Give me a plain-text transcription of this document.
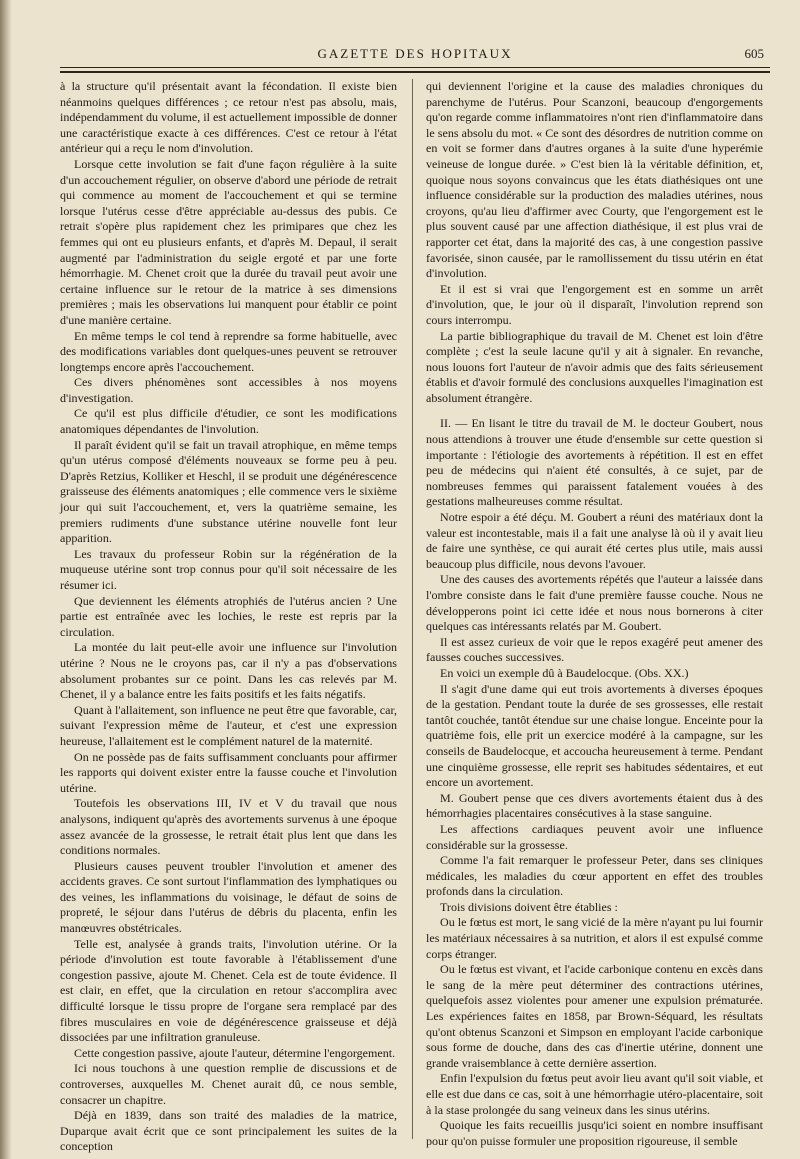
GAZETTE DES HOPITAUX	605

à la structure qu'il présentait avant la fécondation. Il existe bien néanmoins quelques différences ; ce retour n'est pas absolu, mais, indépendamment du volume, il est actuellement impossible de donner une caractéristique exacte à ces différences. C'est ce retour à l'état antérieur qui a reçu le nom d'involution.

Lorsque cette involution se fait d'une façon régulière à la suite d'un accouchement régulier, on observe d'abord une période de retrait qui commence au moment de l'accouchement et qui se termine lorsque l'utérus cesse d'être appréciable au-dessus des pubis. Ce retrait s'opère plus rapidement chez les primipares que chez les femmes qui ont eu plusieurs enfants, et d'après M. Depaul, il serait augmenté par l'administration du seigle ergoté et par une forte hémorrhagie. M. Chenet croit que la durée du travail peut avoir une certaine influence sur le retour de la matrice à ses dimensions premières ; mais les observations lui manquent pour établir ce point d'une manière certaine.

En même temps le col tend à reprendre sa forme habituelle, avec des modifications variables dont quelques-unes peuvent se retrouver longtemps encore après l'accouchement.

Ces divers phénomènes sont accessibles à nos moyens d'investigation.

Ce qu'il est plus difficile d'étudier, ce sont les modifications anatomiques dépendantes de l'involution.

Il paraît évident qu'il se fait un travail atrophique, en même temps qu'un utérus composé d'éléments nouveaux se forme peu à peu. D'après Retzius, Kolliker et Heschl, il se produit une dégénérescence graisseuse des éléments anatomiques ; elle commence vers le sixième jour qui suit l'accouchement, et, vers la quatrième semaine, les premiers rudiments d'une substance utérine nouvelle font leur apparition.

Les travaux du professeur Robin sur la régénération de la muqueuse utérine sont trop connus pour qu'il soit nécessaire de les résumer ici.

Que deviennent les éléments atrophiés de l'utérus ancien ? Une partie est entraînée avec les lochies, le reste est repris par la circulation.

La montée du lait peut-elle avoir une influence sur l'involution utérine ? Nous ne le croyons pas, car il n'y a pas d'observations absolument probantes sur ce point. Dans les cas relevés par M. Chenet, il y a balance entre les faits positifs et les faits négatifs.

Quant à l'allaitement, son influence ne peut être que favorable, car, suivant l'expression même de l'auteur, et c'est une expression heureuse, l'allaitement est le complément naturel de la maternité.

On ne possède pas de faits suffisamment concluants pour affirmer les rapports qui doivent exister entre la fausse couche et l'involution utérine.

Toutefois les observations III, IV et V du travail que nous analysons, indiquent qu'après des avortements survenus à une époque assez avancée de la grossesse, le retrait était plus lent que dans les conditions normales.

Plusieurs causes peuvent troubler l'involution et amener des accidents graves. Ce sont surtout l'inflammation des lymphatiques ou des veines, les inflammations du voisinage, le défaut de soins de propreté, le séjour dans l'utérus de débris du placenta, enfin les manœuvres obstétricales.

Telle est, analysée à grands traits, l'involution utérine. Or la période d'involution est toute favorable à l'établissement d'une congestion passive, ajoute M. Chenet. Cela est de toute évidence. Il est clair, en effet, que la circulation en retour s'accomplira avec difficulté lorsque le tissu propre de l'organe sera remplacé par des fibres musculaires en voie de dégénérescence graisseuse et déjà dissociées par une infiltration granuleuse.

Cette congestion passive, ajoute l'auteur, détermine l'engorgement.

Ici nous touchons à une question remplie de discussions et de controverses, auxquelles M. Chenet aurait dû, ce nous semble, consacrer un chapitre.

Déjà en 1839, dans son traité des maladies de la matrice, Duparque avait écrit que ce sont principalement les suites de la conception

qui deviennent l'origine et la cause des maladies chroniques du parenchyme de l'utérus. Pour Scanzoni, beaucoup d'engorgements qu'on regarde comme inflammatoires n'ont rien d'inflammatoire dans le sens absolu du mot. « Ce sont des désordres de nutrition comme on en voit se former dans d'autres organes à la suite d'une hyperémie veineuse de longue durée. » C'est bien là la véritable définition, et, quoique nous soyons convaincus que les états diathésiques ont une influence considérable sur la production des maladies utérines, nous croyons, qu'au lieu d'affirmer avec Courty, que l'engorgement est le plus souvent causé par une affection diathésique, il est plus vrai de rapporter cet état, dans la majorité des cas, à une congestion passive favorisée, sinon causée, par le ramollissement du tissu utérin en état d'involution.

Et il est si vrai que l'engorgement est en somme un arrêt d'involution, que, le jour où il disparaît, l'involution reprend son cours interrompu.

La partie bibliographique du travail de M. Chenet est loin d'être complète ; c'est la seule lacune qu'il y ait à signaler. En revanche, nous louons fort l'auteur de n'avoir admis que des faits sérieusement établis et d'avoir formulé des conclusions auxquelles l'imagination est absolument étrangère.

II. — En lisant le titre du travail de M. le docteur Goubert, nous nous attendions à trouver une étude d'ensemble sur cette question si importante : l'étiologie des avortements à répétition. Il est en effet peu de médecins qui n'aient été consultés, à ce sujet, par de nombreuses femmes qui paraissent fatalement vouées à des gestations malheureuses comme résultat.

Notre espoir a été déçu. M. Goubert a réuni des matériaux dont la valeur est incontestable, mais il a fait une analyse là où il y avait lieu de faire une synthèse, ce qui aurait été certes plus utile, mais aussi beaucoup plus difficile, nous devons l'avouer.

Une des causes des avortements répétés que l'auteur a laissée dans l'ombre consiste dans le fait d'une première fausse couche. Nous ne développerons point ici cette idée et nous nous bornerons à citer quelques cas intéressants relatés par M. Goubert.

Il est assez curieux de voir que le repos exagéré peut amener des fausses couches successives.

En voici un exemple dû à Baudelocque. (Obs. XX.)

Il s'agit d'une dame qui eut trois avortements à diverses époques de la gestation. Pendant toute la durée de ses grossesses, elle restait tantôt couchée, tantôt étendue sur une chaise longue. Enceinte pour la quatrième fois, elle prit un exercice modéré à la campagne, sur les conseils de Baudelocque, et accoucha heureusement à terme. Pendant une cinquième grossesse, elle reprit ses habitudes sédentaires, et eut encore un avortement.

M. Goubert pense que ces divers avortements étaient dus à des hémorrhagies placentaires consécutives à la stase sanguine.

Les affections cardiaques peuvent avoir une influence considérable sur la grossesse.

Comme l'a fait remarquer le professeur Peter, dans ses cliniques médicales, les maladies du cœur apportent en effet des troubles profonds dans la circulation.

Trois divisions doivent être établies :

Ou le fœtus est mort, le sang vicié de la mère n'ayant pu lui fournir les matériaux nécessaires à sa nutrition, et alors il est expulsé comme corps étranger.

Ou le fœtus est vivant, et l'acide carbonique contenu en excès dans le sang de la mère peut déterminer des contractions utérines, quelquefois assez violentes pour amener une expulsion prématurée. Les expériences faites en 1858, par Brown-Séquard, les résultats qu'ont obtenus Scanzoni et Simpson en employant l'acide carbonique sous forme de douche, dans des cas d'inertie utérine, donnent une grande vraisemblance à cette dernière assertion.

Enfin l'expulsion du fœtus peut avoir lieu avant qu'il soit viable, et elle est due dans ce cas, soit à une hémorrhagie utéro-placentaire, soit à la stase prolongée du sang veineux dans les sinus utérins.

Quoique les faits recueillis jusqu'ici soient en nombre insuffisant pour qu'on puisse formuler une proposition rigoureuse, il semble
